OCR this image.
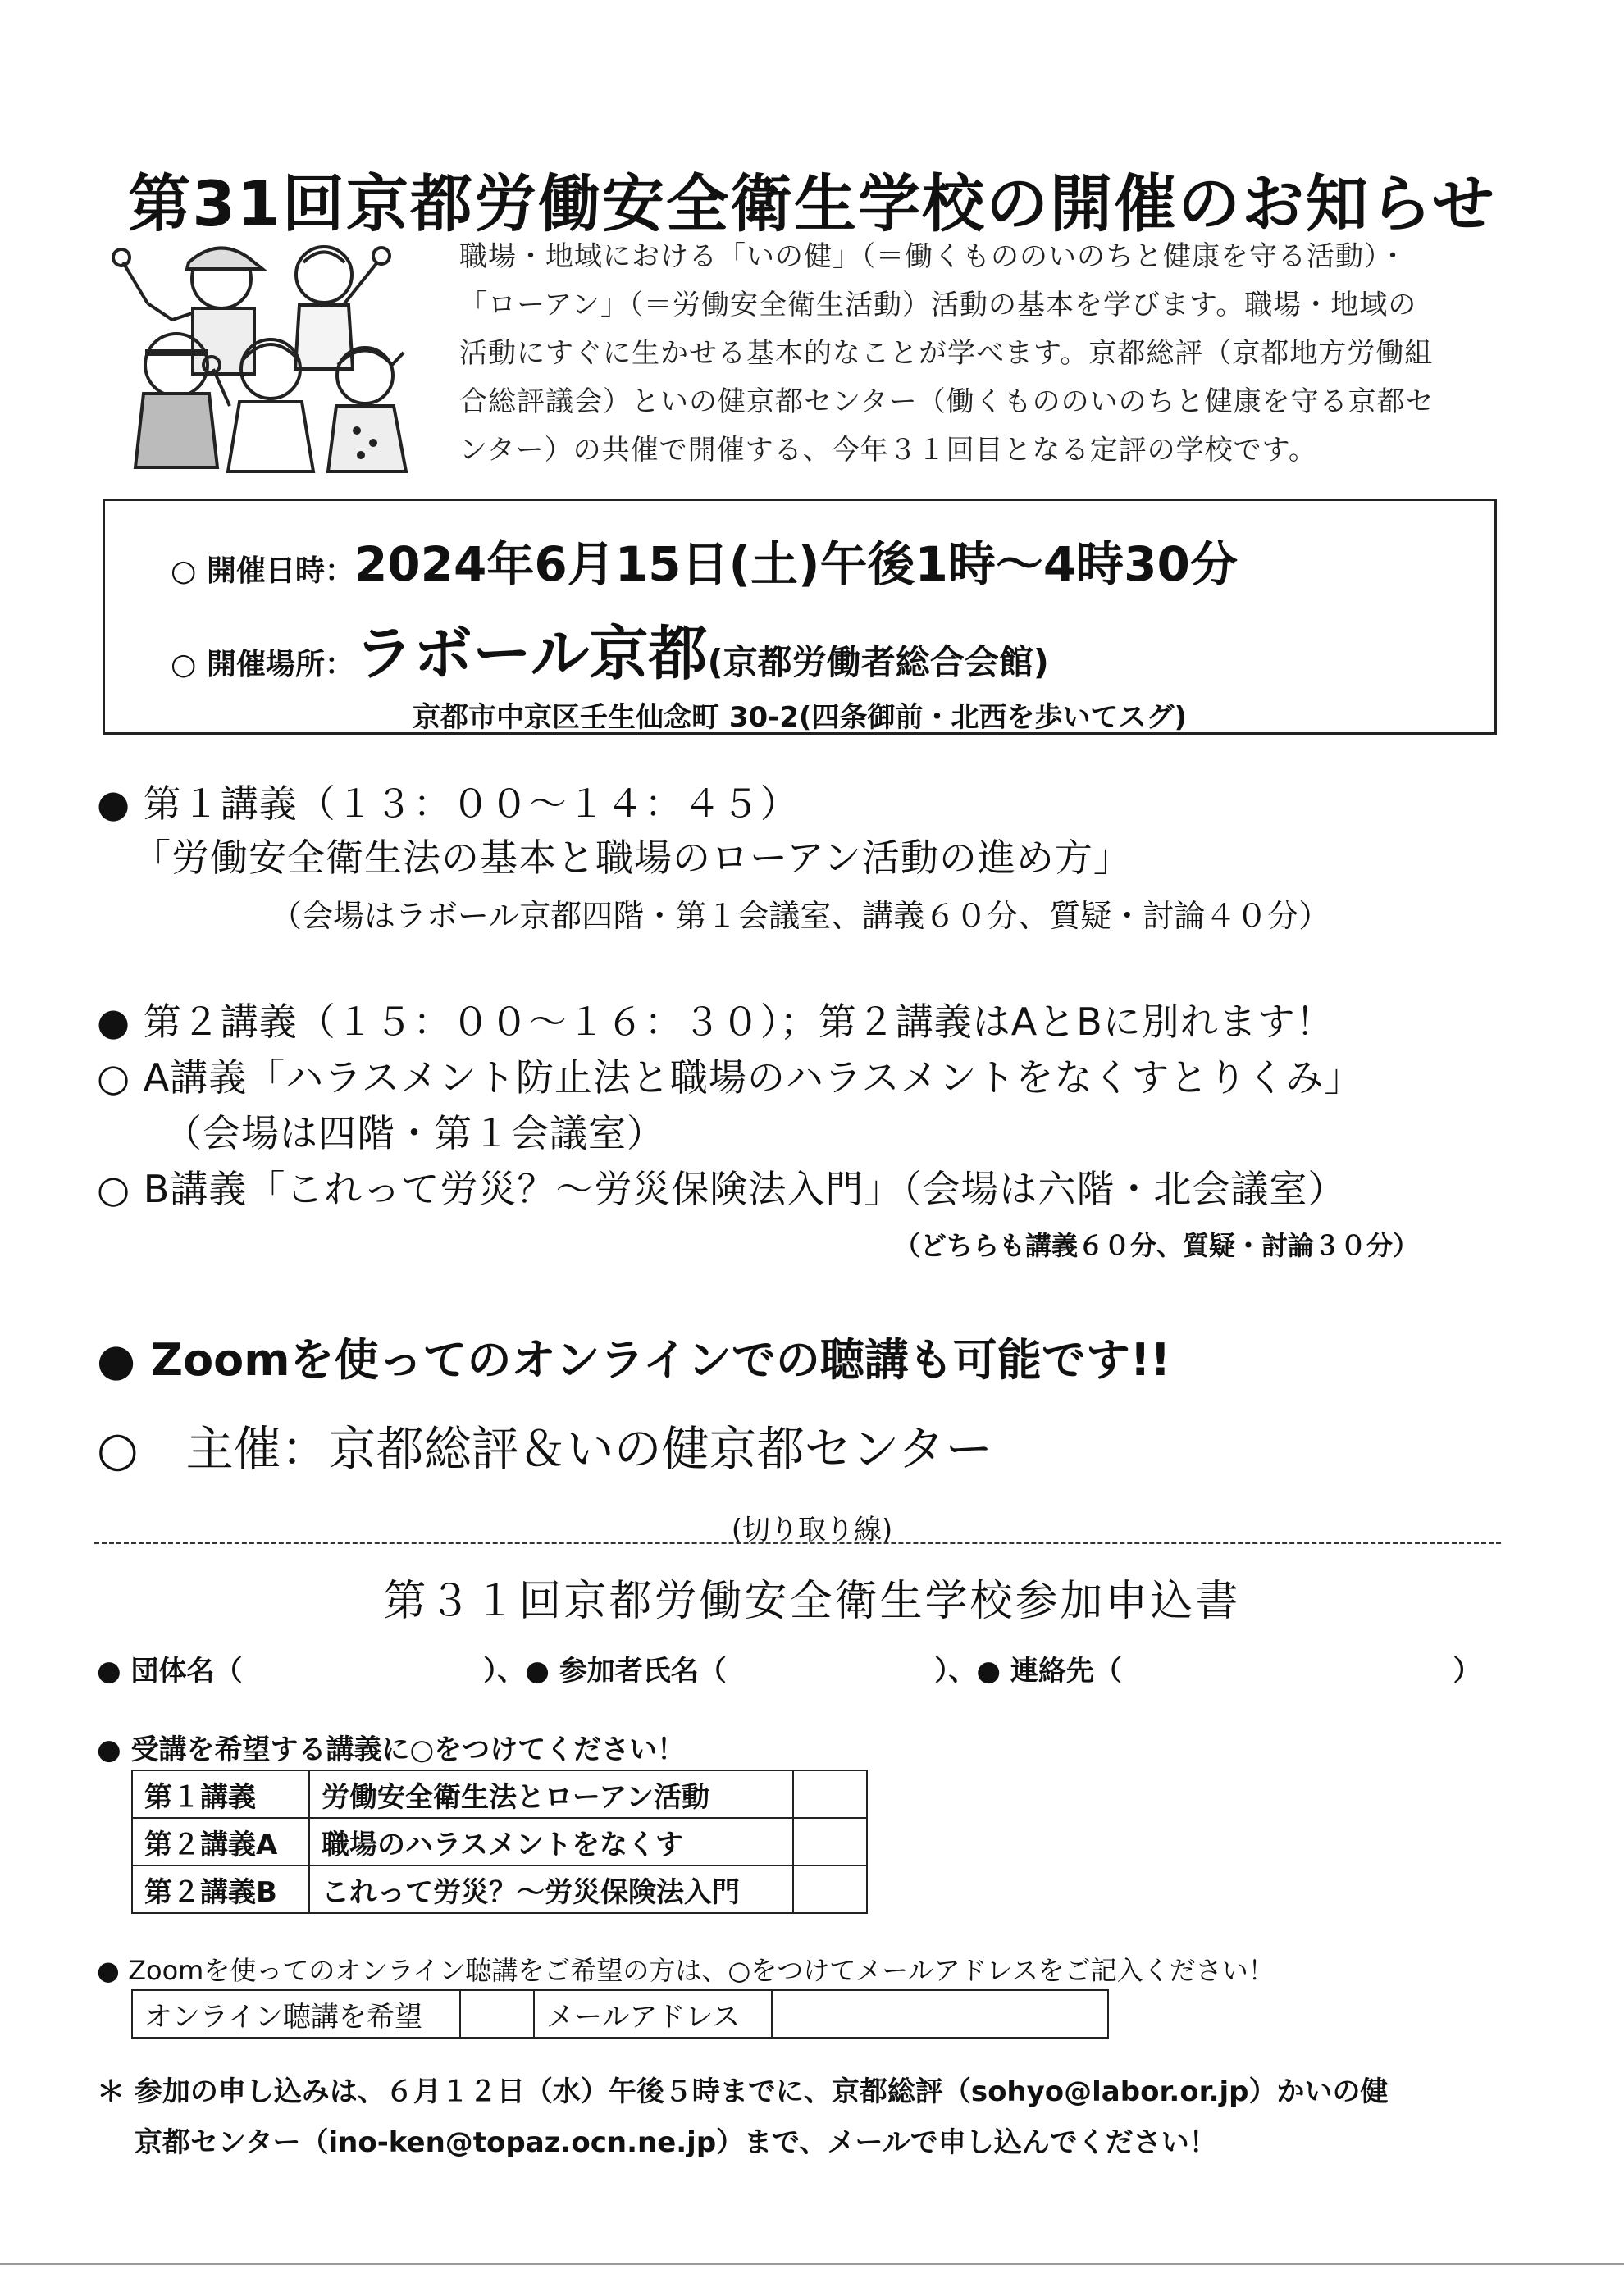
第31回京都労働安全衛生学校の開催のお知らせ

職場・地域における「いの健」（＝働くもののいのちと健康を守る活動）・

「ローアン」（＝労働安全衛生活動）活動の基本を学びます。職場・地域の

活動にすぐに生かせる基本的なことが学べます。京都総評（京都地方労働組

合総評議会）といの健京都センター（働くもののいのちと健康を守る京都セ

ンター）の共催で開催する、今年３１回目となる定評の学校です。

○ 開催日時：2024年6月15日(土)午後1時～4時30分
○ 開催場所：ラボール京都(京都労働者総合会館)
京都市中京区壬生仙念町 30-2(四条御前・北西を歩いてスグ)
● 第１講義（１３：００～１４：４５）
「労働安全衛生法の基本と職場のローアン活動の進め方」
（会場はラボール京都四階・第１会議室、講義６０分、質疑・討論４０分）
● 第２講義（１５：００～１６：３０）；第２講義はAとBに別れます！
○ A講義「ハラスメント防止法と職場のハラスメントをなくすとりくみ」
（会場は四階・第１会議室）
○ B講義「これって労災？～労災保険法入門」（会場は六階・北会議室）
（どちらも講義６０分、質疑・討論３０分）
● Zoomを使ってのオンラインでの聴講も可能です!!
○　主催：京都総評＆いの健京都センター
(切り取り線)
第３１回京都労働安全衛生学校参加申込書
● 団体名（	）、● 参加者氏名（	）、● 連絡先（	）
● 受講を希望する講義に○をつけてください！
第１講義	労働安全衛生法とローアン活動	
第２講義A	職場のハラスメントをなくす	
第２講義B	これって労災？～労災保険法入門	
● Zoomを使ってのオンライン聴講をご希望の方は、○をつけてメールアドレスをご記入ください！
オンライン聴講を希望		メールアドレス	

＊ 参加の申し込みは、６月１２日（水）午後５時までに、京都総評（sohyo@labor.or.jp）かいの健

　 京都センター（ino-ken@topaz.ocn.ne.jp）まで、メールで申し込んでください！
